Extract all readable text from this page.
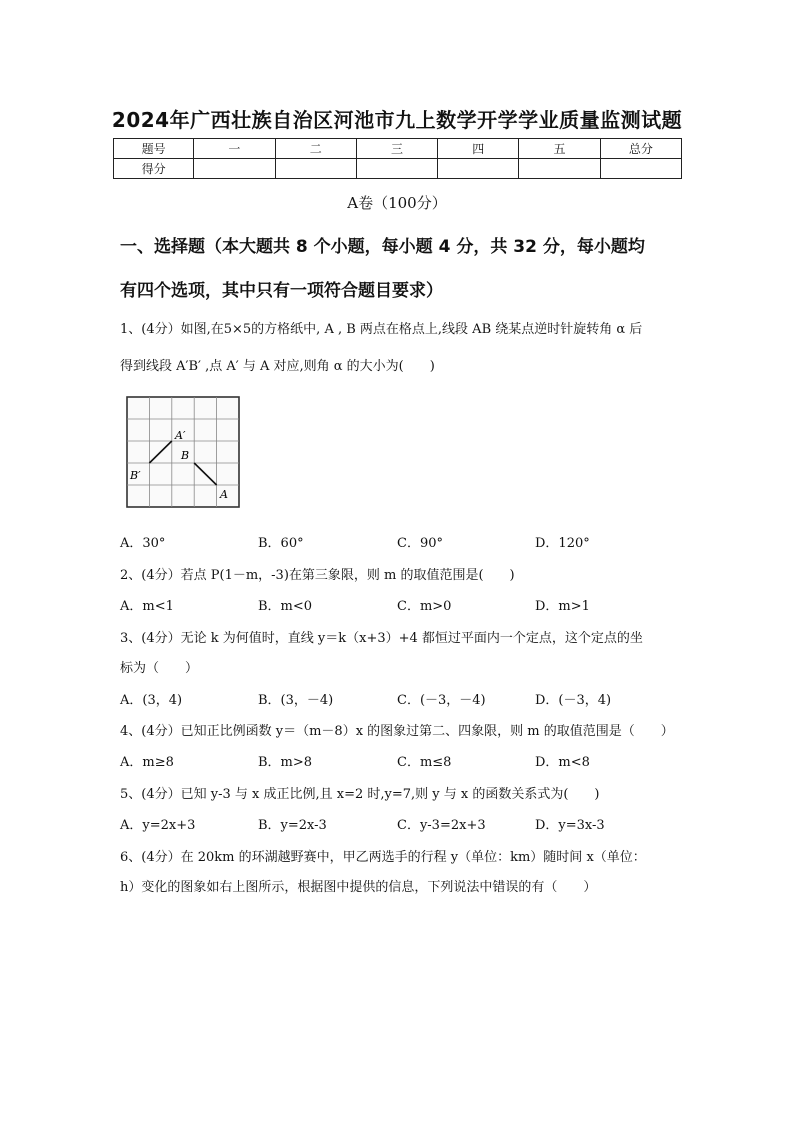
2024年广西壮族自治区河池市九上数学开学学业质量监测试题
题号	一	二	三	四	五	总分
得分						
A卷（100分）
一、选择题（本大题共 8 个小题，每小题 4 分，共 32 分，每小题均
有四个选项，其中只有一项符合题目要求）
1、(4分）如图,在5×5的方格纸中, A , B 两点在格点上,线段 AB 绕某点逆时针旋转角 α 后
得到线段 A′B′ ,点 A′ 与 A 对应,则角 α 的大小为(　　)
A′
B
B′
A
A．30°	B．60°	C．90°	D．120°
2、(4分）若点 P(1－m，-3)在第三象限，则 m 的取值范围是(　　)
A．m<1	B．m<0	C．m>0	D．m>1
3、(4分）无论 k 为何值时，直线 y＝k（x+3）+4 都恒过平面内一个定点，这个定点的坐
标为（　　）
A．(3，4)	B．(3，－4)	C．(－3，－4)	D．(－3，4)
4、(4分）已知正比例函数 y＝（m－8）x 的图象过第二、四象限，则 m 的取值范围是（　　）
A．m≥8	B．m>8	C．m≤8	D．m<8
5、(4分）已知 y-3 与 x 成正比例,且 x=2 时,y=7,则 y 与 x 的函数关系式为(　　)
A．y=2x+3	B．y=2x-3	C．y-3=2x+3	D．y=3x-3
6、(4分）在 20km 的环湖越野赛中，甲乙两选手的行程 y（单位：km）随时间 x（单位：
h）变化的图象如右上图所示，根据图中提供的信息，下列说法中错误的有（　　）
